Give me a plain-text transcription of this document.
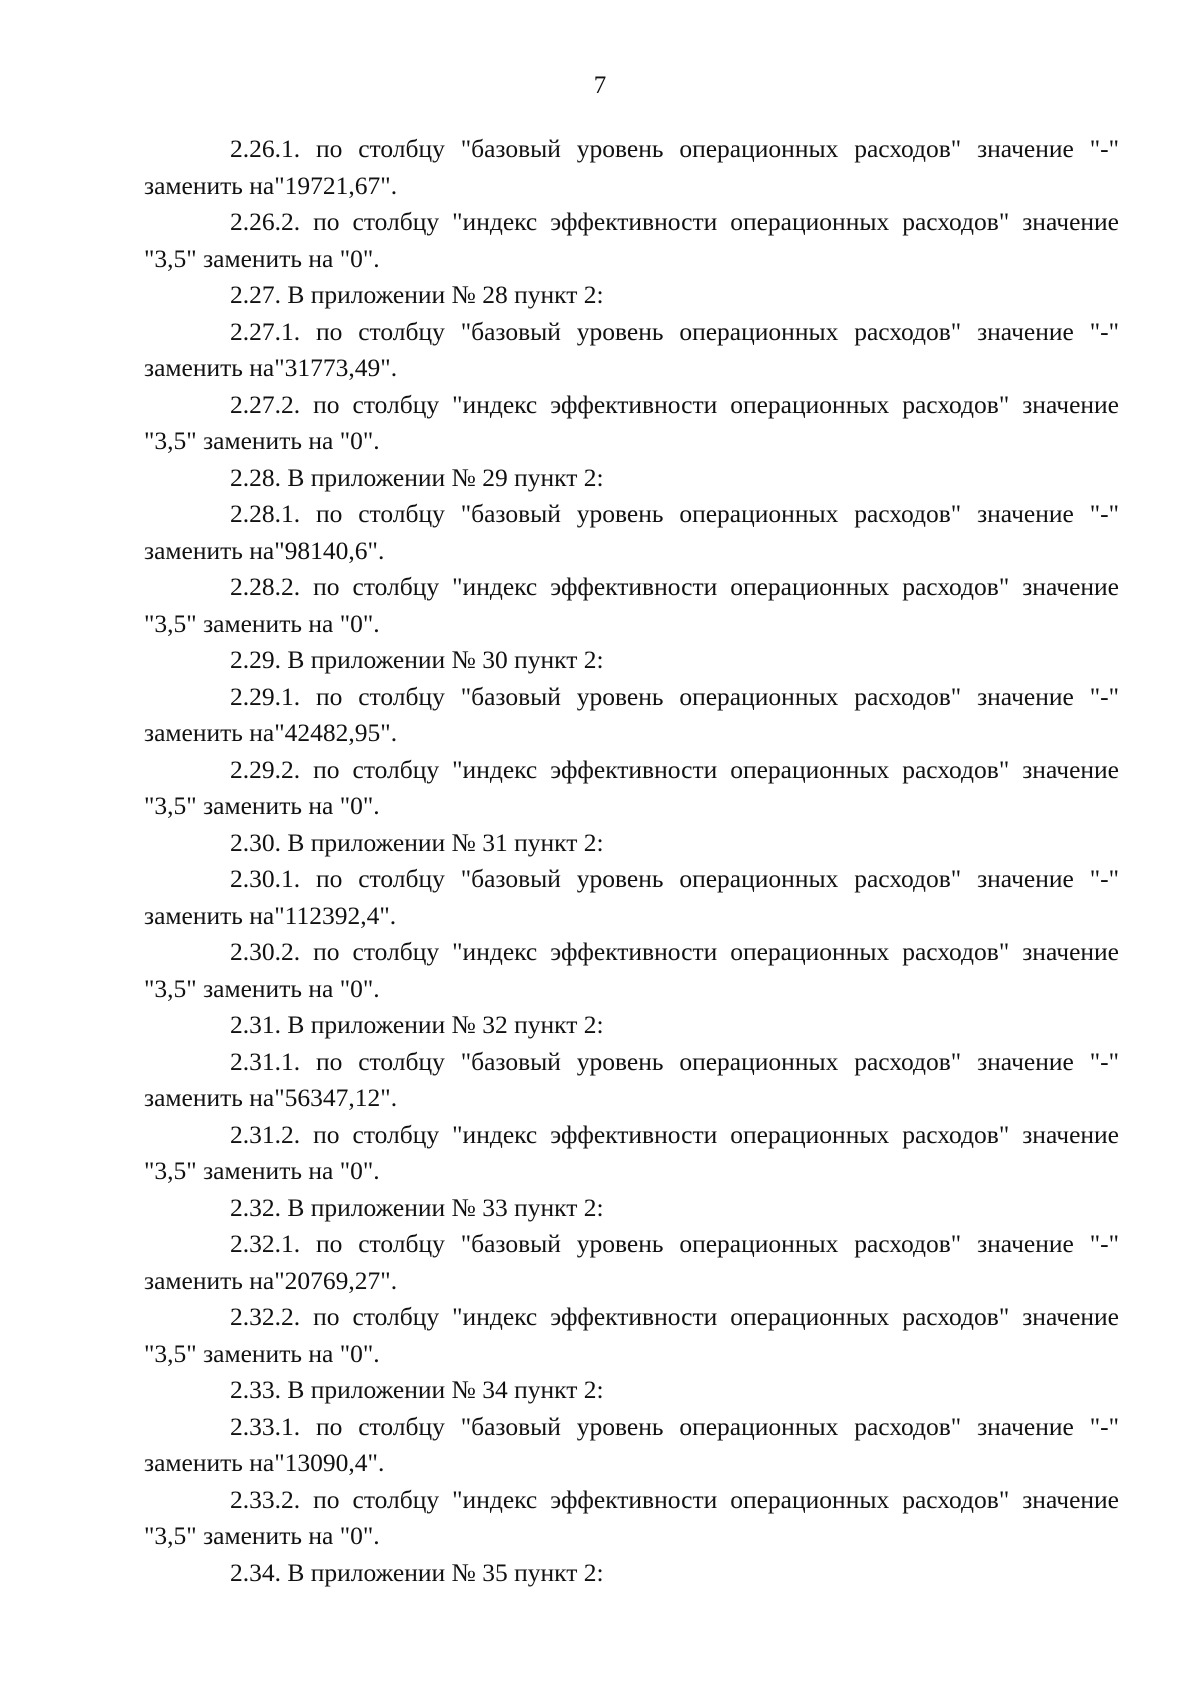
7

2.26.1. по столбцу "базовый уровень операционных расходов" значение "-" заменить на"19721,67".

2.26.2. по столбцу "индекс эффективности операционных расходов" значение "3,5" заменить на "0".

2.27. В приложении № 28 пункт 2:

2.27.1. по столбцу "базовый уровень операционных расходов" значение "-" заменить на"31773,49".

2.27.2. по столбцу "индекс эффективности операционных расходов" значение "3,5" заменить на "0".

2.28. В приложении № 29 пункт 2:

2.28.1. по столбцу "базовый уровень операционных расходов" значение "-" заменить на"98140,6".

2.28.2. по столбцу "индекс эффективности операционных расходов" значение "3,5" заменить на "0".

2.29. В приложении № 30 пункт 2:

2.29.1. по столбцу "базовый уровень операционных расходов" значение "-" заменить на"42482,95".

2.29.2. по столбцу "индекс эффективности операционных расходов" значение "3,5" заменить на "0".

2.30. В приложении № 31 пункт 2:

2.30.1. по столбцу "базовый уровень операционных расходов" значение "-" заменить на"112392,4".

2.30.2. по столбцу "индекс эффективности операционных расходов" значение "3,5" заменить на "0".

2.31. В приложении № 32 пункт 2:

2.31.1. по столбцу "базовый уровень операционных расходов" значение "-" заменить на"56347,12".

2.31.2. по столбцу "индекс эффективности операционных расходов" значение "3,5" заменить на "0".

2.32. В приложении № 33 пункт 2:

2.32.1. по столбцу "базовый уровень операционных расходов" значение "-" заменить на"20769,27".

2.32.2. по столбцу "индекс эффективности операционных расходов" значение "3,5" заменить на "0".

2.33. В приложении № 34 пункт 2:

2.33.1. по столбцу "базовый уровень операционных расходов" значение "-" заменить на"13090,4".

2.33.2. по столбцу "индекс эффективности операционных расходов" значение "3,5" заменить на "0".

2.34. В приложении № 35 пункт 2:
